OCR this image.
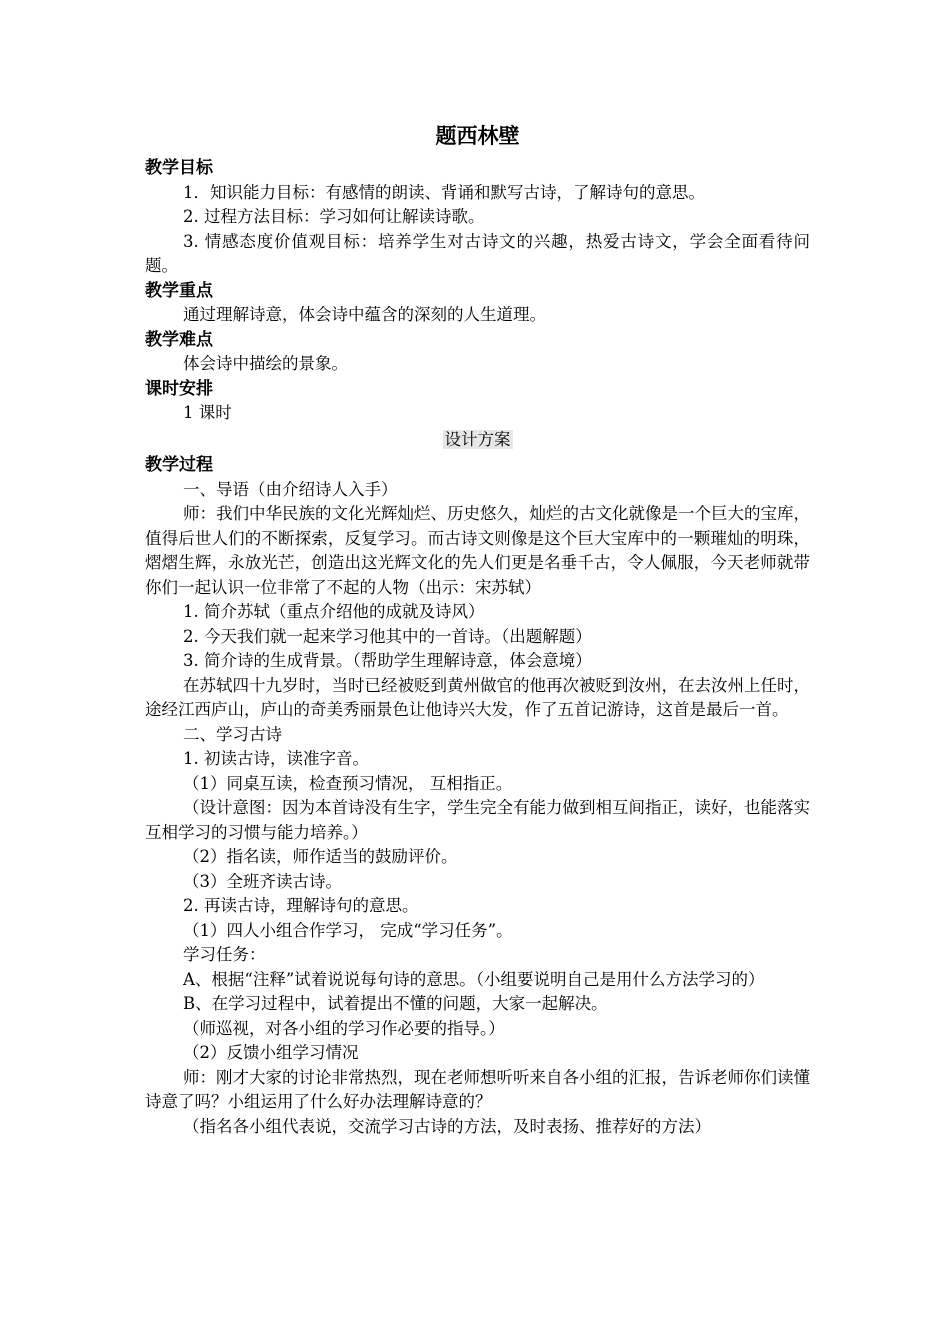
题西林壁
教学目标

1．知识能力目标：有感情的朗读、背诵和默写古诗，了解诗句的意思。

2. 过程方法目标：学习如何让解读诗歌。

3. 情感态度价值观目标：培养学生对古诗文的兴趣，热爱古诗文，学会全面看待问题。

教学重点

通过理解诗意，体会诗中蕴含的深刻的人生道理。

教学难点

体会诗中描绘的景象。

课时安排

1 课时

设计方案
教学过程

一、导语（由介绍诗人入手）

师：我们中华民族的文化光辉灿烂、历史悠久，灿烂的古文化就像是一个巨大的宝库，值得后世人们的不断探索，反复学习。而古诗文则像是这个巨大宝库中的一颗璀灿的明珠，熠熠生辉，永放光芒，创造出这光辉文化的先人们更是名垂千古，令人佩服，今天老师就带你们一起认识一位非常了不起的人物（出示：宋苏轼）

1. 简介苏轼（重点介绍他的成就及诗风）

2. 今天我们就一起来学习他其中的一首诗。（出题解题）

3. 简介诗的生成背景。（帮助学生理解诗意，体会意境）

在苏轼四十九岁时，当时已经被贬到黄州做官的他再次被贬到汝州，在去汝州上任时，途经江西庐山，庐山的奇美秀丽景色让他诗兴大发，作了五首记游诗，这首是最后一首。

二、学习古诗

1. 初读古诗，读准字音。

（1）同桌互读，检查预习情况， 互相指正。

（设计意图：因为本首诗没有生字，学生完全有能力做到相互间指正，读好，也能落实互相学习的习惯与能力培养。）

（2）指名读，师作适当的鼓励评价。

（3）全班齐读古诗。

2. 再读古诗，理解诗句的意思。

（1）四人小组合作学习， 完成“学习任务”。

学习任务：

A、根据“注释”试着说说每句诗的意思。（小组要说明自己是用什么方法学习的）

B、在学习过程中，试着提出不懂的问题，大家一起解决。

（师巡视，对各小组的学习作必要的指导。）

（2）反馈小组学习情况

师：刚才大家的讨论非常热烈，现在老师想听听来自各小组的汇报，告诉老师你们读懂诗意了吗？小组运用了什么好办法理解诗意的？

（指名各小组代表说，交流学习古诗的方法，及时表扬、推荐好的方法）
